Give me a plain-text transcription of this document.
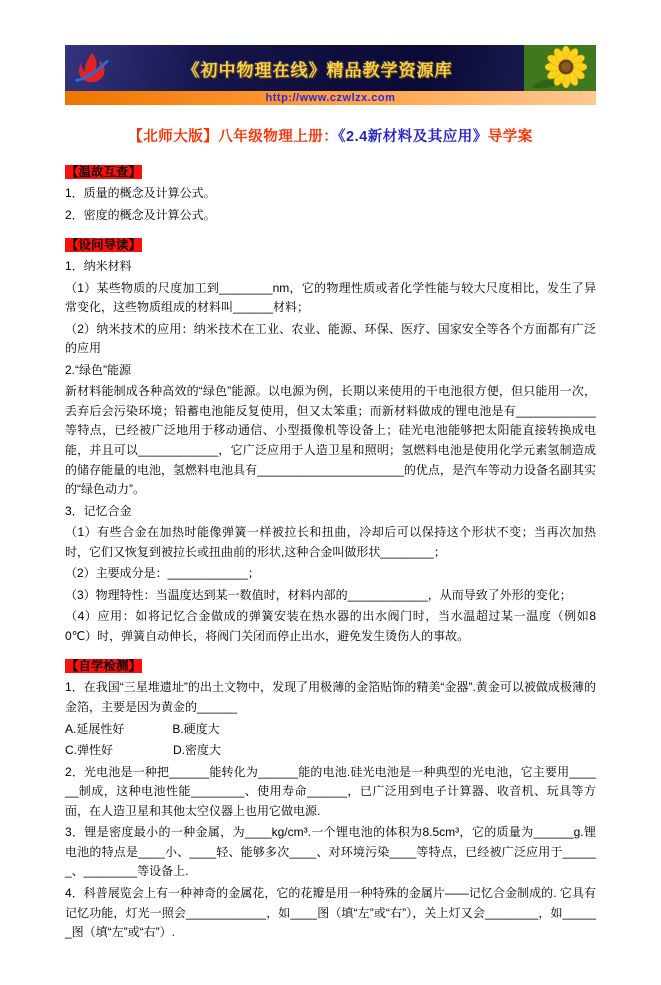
《初中物理在线》精品教学资源库
http://www.czwlzx.com
【北师大版】八年级物理上册：《2.4新材料及其应用》导学案
【温故互查】

1．质量的概念及计算公式。

2．密度的概念及计算公式。

【设问导读】

1．纳米材料

（1）某些物质的尺度加工到________nm，它的物理性质或者化学性能与较大尺度相比，发生了异常变化，这些物质组成的材料叫______材料；

（2）纳米技术的应用：纳米技术在工业、农业、能源、环保、医疗、国家安全等各个方面都有广泛的应用

2.“绿色”能源

新材料能制成各种高效的“绿色”能源。以电源为例，长期以来使用的干电池很方便，但只能用一次，丢弃后会污染环境；铅蓄电池能反复使用，但又太笨重；而新材料做成的锂电池是有____________等特点，已经被广泛地用于移动通信、小型摄像机等设备上；硅光电池能够把太阳能直接转换成电能，并且可以____________，它广泛应用于人造卫星和照明；氢燃料电池是使用化学元素氢制造成的储存能量的电池，氢燃料电池具有______________________的优点，是汽车等动力设备名副其实的“绿色动力”。

3．记忆合金

（1）有些合金在加热时能像弹簧一样被拉长和扭曲，冷却后可以保持这个形状不变；当再次加热时，它们又恢复到被拉长或扭曲前的形状,这种合金叫做形状________；

（2）主要成分是：____________；

（3）物理特性：当温度达到某一数值时，材料内部的____________，从而导致了外形的变化；

（4）应用：如将记忆合金做成的弹簧安装在热水器的出水阀门时，当水温超过某一温度（例如80℃）时，弹簧自动伸长，将阀门关闭而停止出水，避免发生烫伤人的事故。

【自学检测】

1．在我国“三星堆遗址”的出土文物中，发现了用极薄的金箔贴饰的精美“金器”.黄金可以被做成极薄的金箔，主要是因为黄金的______

A.延展性好　　　　B.硬度大

C.弹性好　　　　　D.密度大

2．光电池是一种把______能转化为______能的电池.硅光电池是一种典型的光电池，它主要用______制成，这种电池性能________、使用寿命______，已广泛用到电子计算器、收音机、玩具等方面，在人造卫星和其他太空仪器上也用它做电源.

3．锂是密度最小的一种金属，为____kg/cm³.一个锂电池的体积为8.5cm³，它的质量为______g.锂电池的特点是____小、____轻、能够多次____、对环境污染____等特点，已经被广泛应用于______、________等设备上.

4．科普展览会上有一种神奇的金属花，它的花瓣是用一种特殊的金属片——记忆合金制成的. 它具有记忆功能，灯光一照会____________，如____图（填“左”或“右”），关上灯又会________，如______图（填“左”或“右”）.
